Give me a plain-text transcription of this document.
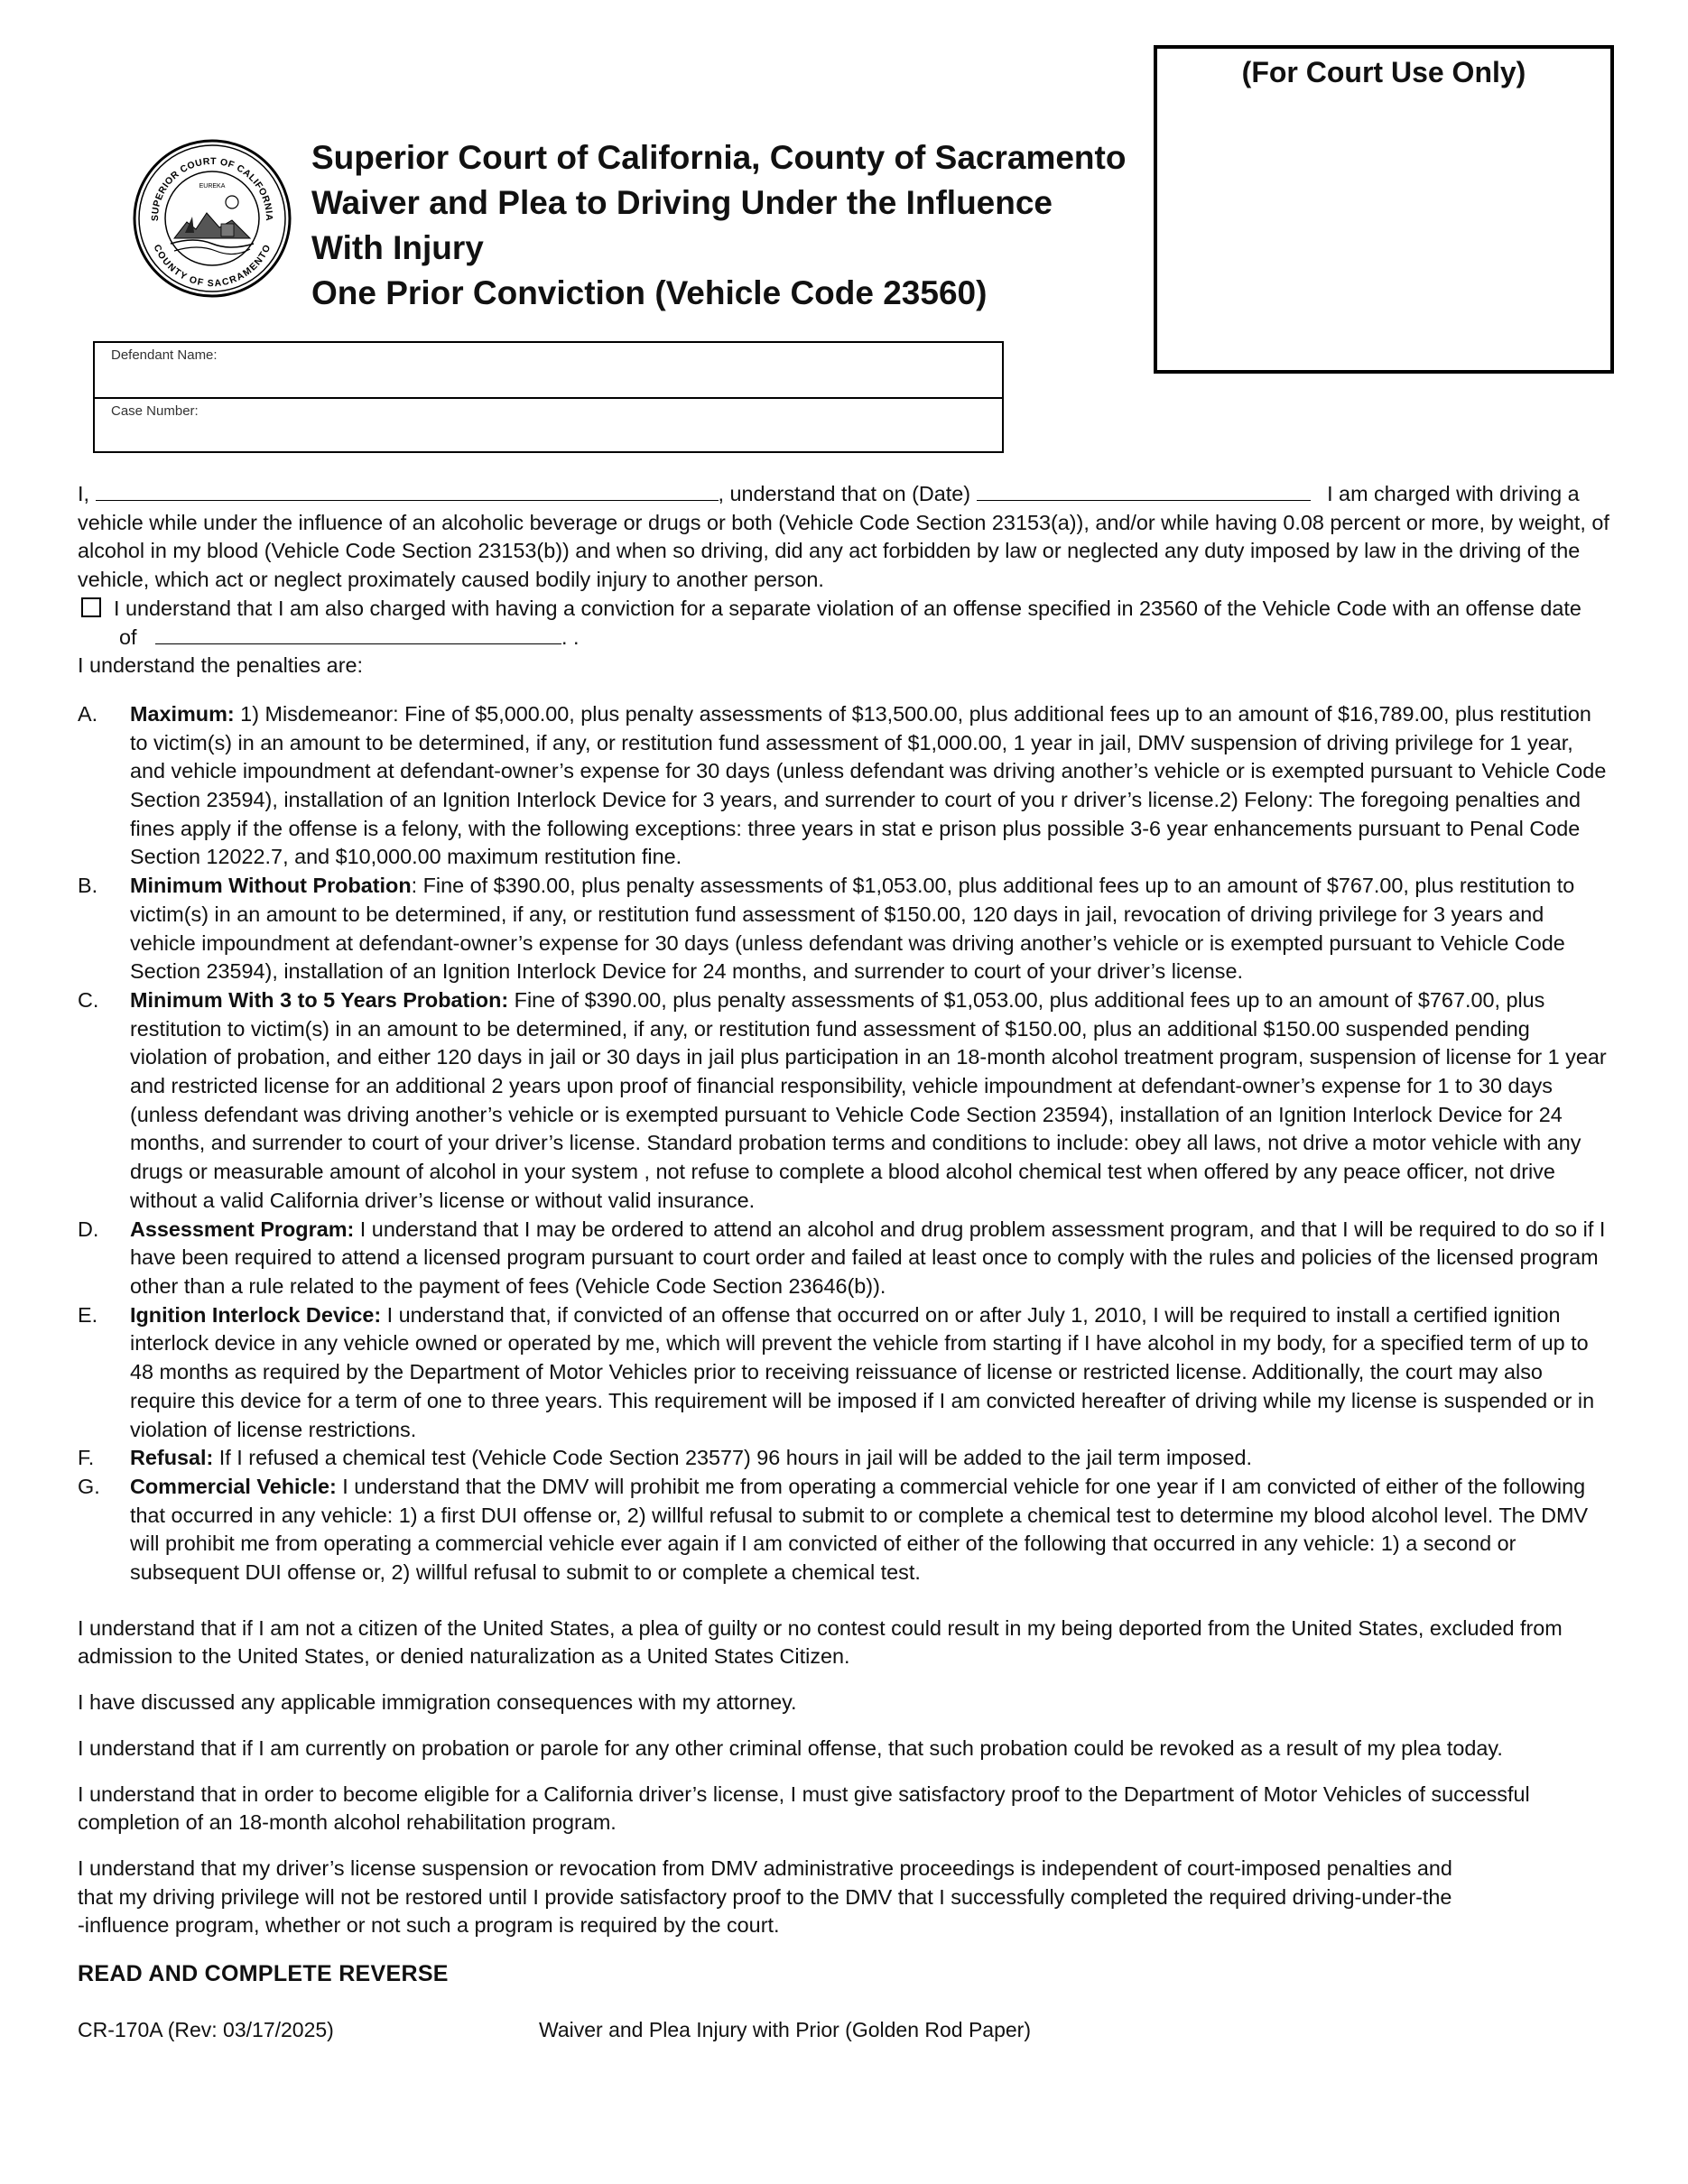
(For Court Use Only)
SUPERIOR COURT OF CALIFORNIA
COUNTY OF SACRAMENTO
EUREKA
Superior Court of California, County of Sacramento
Waiver and Plea to Driving Under the Influence
With Injury
One Prior Conviction (Vehicle Code 23560)
Defendant Name:
Case Number:

I,	, understand that on (Date)	I am charged with driving a vehicle while under the influence of an alcoholic beverage or drugs or both (Vehicle Code Section 23153(a)), and/or while having 0.08 percent or more, by weight, of alcohol in my blood (Vehicle Code Section 23153(b)) and when so driving, did any act forbidden by law or neglected any duty imposed by law in the driving of the vehicle, which act or neglect proximately caused bodily injury to another person.

I understand that I am also charged with having a conviction for a separate violation of an offense specified in 23560 of the Vehicle Code with an offense date

of	. .

I understand the penalties are:

A. Maximum: 1) Misdemeanor: Fine of $5,000.00, plus penalty assessments of $13,500.00, plus additional fees up to an amount of $16,789.00, plus restitution to victim(s) in an amount to be determined, if any, or restitution fund assessment of $1,000.00, 1 year in jail, DMV suspension of driving privilege for 1 year, and vehicle impoundment at defendant-owner’s expense for 30 days (unless defendant was driving another’s vehicle or is exempted pursuant to Vehicle Code Section 23594), installation of an Ignition Interlock Device for 3 years, and surrender to court of you r driver’s license.2) Felony: The foregoing penalties and fines apply if the offense is a felony, with the following exceptions: three years in stat e prison plus possible 3-6 year enhancements pursuant to Penal Code Section 12022.7, and $10,000.00 maximum restitution fine.
B. Minimum Without Probation: Fine of $390.00, plus penalty assessments of $1,053.00, plus additional fees up to an amount of $767.00, plus restitution to victim(s) in an amount to be determined, if any, or restitution fund assessment of $150.00, 120 days in jail, revocation of driving privilege for 3 years and vehicle impoundment at defendant-owner’s expense for 30 days (unless defendant was driving another’s vehicle or is exempted pursuant to Vehicle Code Section 23594), installation of an Ignition Interlock Device for 24 months, and surrender to court of your driver’s license.
C. Minimum With 3 to 5 Years Probation: Fine of $390.00, plus penalty assessments of $1,053.00, plus additional fees up to an amount of $767.00, plus restitution to victim(s) in an amount to be determined, if any, or restitution fund assessment of $150.00, plus an additional $150.00 suspended pending violation of probation, and either 120 days in jail or 30 days in jail plus participation in an 18-month alcohol treatment program, suspension of license for 1 year and restricted license for an additional 2 years upon proof of financial responsibility, vehicle impoundment at defendant-owner’s expense for 1 to 30 days (unless defendant was driving another’s vehicle or is exempted pursuant to Vehicle Code Section 23594), installation of an Ignition Interlock Device for 24 months, and surrender to court of your driver’s license. Standard probation terms and conditions to include: obey all laws, not drive a motor vehicle with any drugs or measurable amount of alcohol in your system , not refuse to complete a blood alcohol chemical test when offered by any peace officer, not drive without a valid California driver’s license or without valid insurance.
D. Assessment Program: I understand that I may be ordered to attend an alcohol and drug problem assessment program, and that I will be required to do so if I have been required to attend a licensed program pursuant to court order and failed at least once to comply with the rules and policies of the licensed program other than a rule related to the payment of fees (Vehicle Code Section 23646(b)).
E. Ignition Interlock Device: I understand that, if convicted of an offense that occurred on or after July 1, 2010, I will be required to install a certified ignition interlock device in any vehicle owned or operated by me, which will prevent the vehicle from starting if I have alcohol in my body, for a specified term of up to 48 months as required by the Department of Motor Vehicles prior to receiving reissuance of license or restricted license. Additionally, the court may also require this device for a term of one to three years. This requirement will be imposed if I am convicted hereafter of driving while my license is suspended or in violation of license restrictions.
F. Refusal: If I refused a chemical test (Vehicle Code Section 23577) 96 hours in jail will be added to the jail term imposed.
G. Commercial Vehicle: I understand that the DMV will prohibit me from operating a commercial vehicle for one year if I am convicted of either of the following that occurred in any vehicle: 1) a first DUI offense or, 2) willful refusal to submit to or complete a chemical test to determine my blood alcohol level. The DMV will prohibit me from operating a commercial vehicle ever again if I am convicted of either of the following that occurred in any vehicle: 1) a second or subsequent DUI offense or, 2) willful refusal to submit to or complete a chemical test.

I understand that if I am not a citizen of the United States, a plea of guilty or no contest could result in my being deported from the United States, excluded from admission to the United States, or denied naturalization as a United States Citizen.

I have discussed any applicable immigration consequences with my attorney.

I understand that if I am currently on probation or parole for any other criminal offense, that such probation could be revoked as a result of my plea today.

I understand that in order to become eligible for a California driver’s license, I must give satisfactory proof to the Department of Motor Vehicles of successful completion of an 18-month alcohol rehabilitation program.

I understand that my driver’s license suspension or revocation from DMV administrative proceedings is independent of court-imposed penalties and
that my driving privilege will not be restored until I provide satisfactory proof to the DMV that I successfully completed the required driving-under-the
-influence program, whether or not such a program is required by the court.

READ AND COMPLETE REVERSE

CR-170A (Rev: 03/17/2025)	Waiver and Plea Injury with Prior (Golden Rod Paper)
